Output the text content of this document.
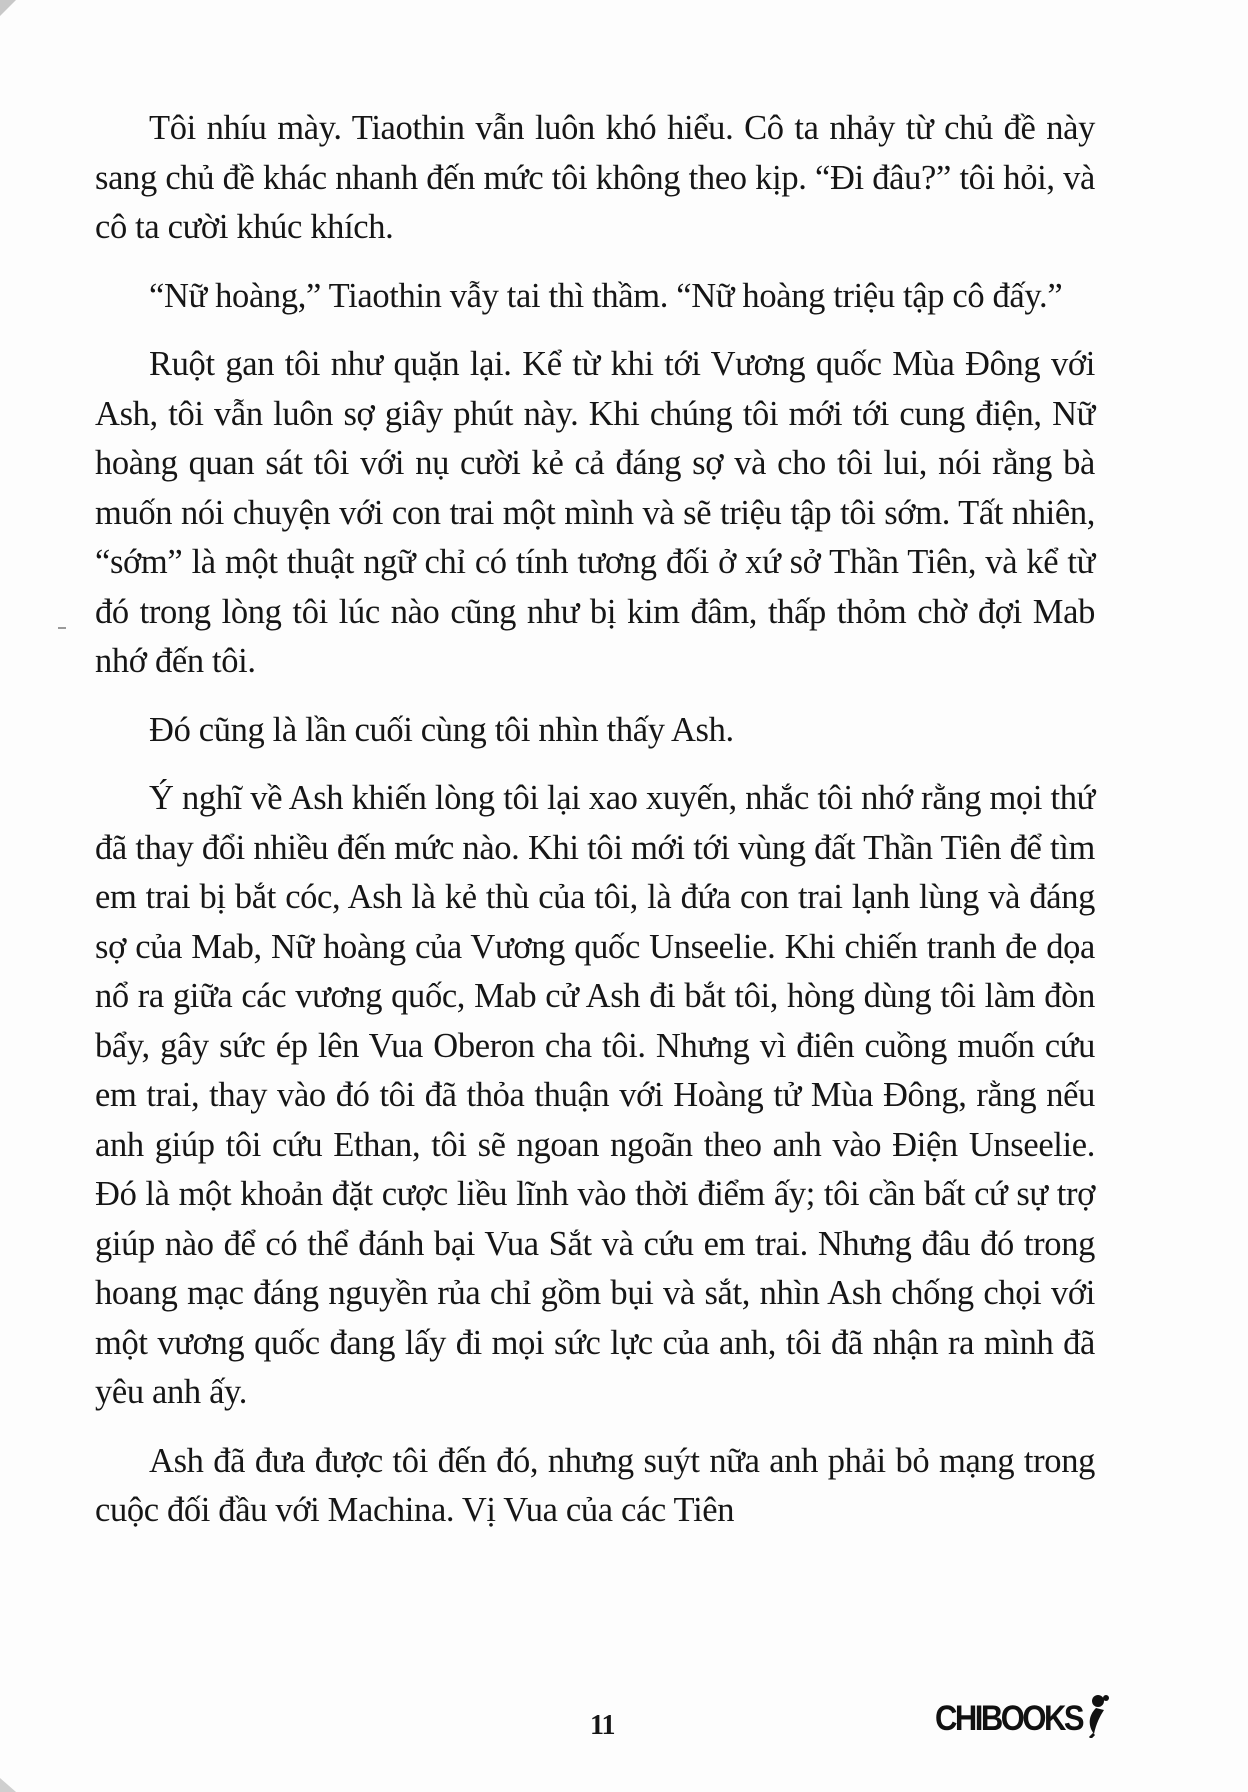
Tôi nhíu mày. Tiaothin vẫn luôn khó hiểu. Cô ta nhảy từ chủ đề này sang chủ đề khác nhanh đến mức tôi không theo kịp. “Đi đâu?” tôi hỏi, và cô ta cười khúc khích.

“Nữ hoàng,” Tiaothin vẫy tai thì thầm. “Nữ hoàng triệu tập cô đấy.”

Ruột gan tôi như quặn lại. Kể từ khi tới Vương quốc Mùa Đông với Ash, tôi vẫn luôn sợ giây phút này. Khi chúng tôi mới tới cung điện, Nữ hoàng quan sát tôi với nụ cười kẻ cả đáng sợ và cho tôi lui, nói rằng bà muốn nói chuyện với con trai một mình và sẽ triệu tập tôi sớm. Tất nhiên, “sớm” là một thuật ngữ chỉ có tính tương đối ở xứ sở Thần Tiên, và kể từ đó trong lòng tôi lúc nào cũng như bị kim đâm, thấp thỏm chờ đợi Mab nhớ đến tôi.

Đó cũng là lần cuối cùng tôi nhìn thấy Ash.

Ý nghĩ về Ash khiến lòng tôi lại xao xuyến, nhắc tôi nhớ rằng mọi thứ đã thay đổi nhiều đến mức nào. Khi tôi mới tới vùng đất Thần Tiên để tìm em trai bị bắt cóc, Ash là kẻ thù của tôi, là đứa con trai lạnh lùng và đáng sợ của Mab, Nữ hoàng của Vương quốc Unseelie. Khi chiến tranh đe dọa nổ ra giữa các vương quốc, Mab cử Ash đi bắt tôi, hòng dùng tôi làm đòn bẩy, gây sức ép lên Vua Oberon cha tôi. Nhưng vì điên cuồng muốn cứu em trai, thay vào đó tôi đã thỏa thuận với Hoàng tử Mùa Đông, rằng nếu anh giúp tôi cứu Ethan, tôi sẽ ngoan ngoãn theo anh vào Điện Unseelie. Đó là một khoản đặt cược liều lĩnh vào thời điểm ấy; tôi cần bất cứ sự trợ giúp nào để có thể đánh bại Vua Sắt và cứu em trai. Nhưng đâu đó trong hoang mạc đáng nguyền rủa chỉ gồm bụi và sắt, nhìn Ash chống chọi với một vương quốc đang lấy đi mọi sức lực của anh, tôi đã nhận ra mình đã yêu anh ấy.

Ash đã đưa được tôi đến đó, nhưng suýt nữa anh phải bỏ mạng trong cuộc đối đầu với Machina. Vị Vua của các Tiên

11	CHIBOOKS
